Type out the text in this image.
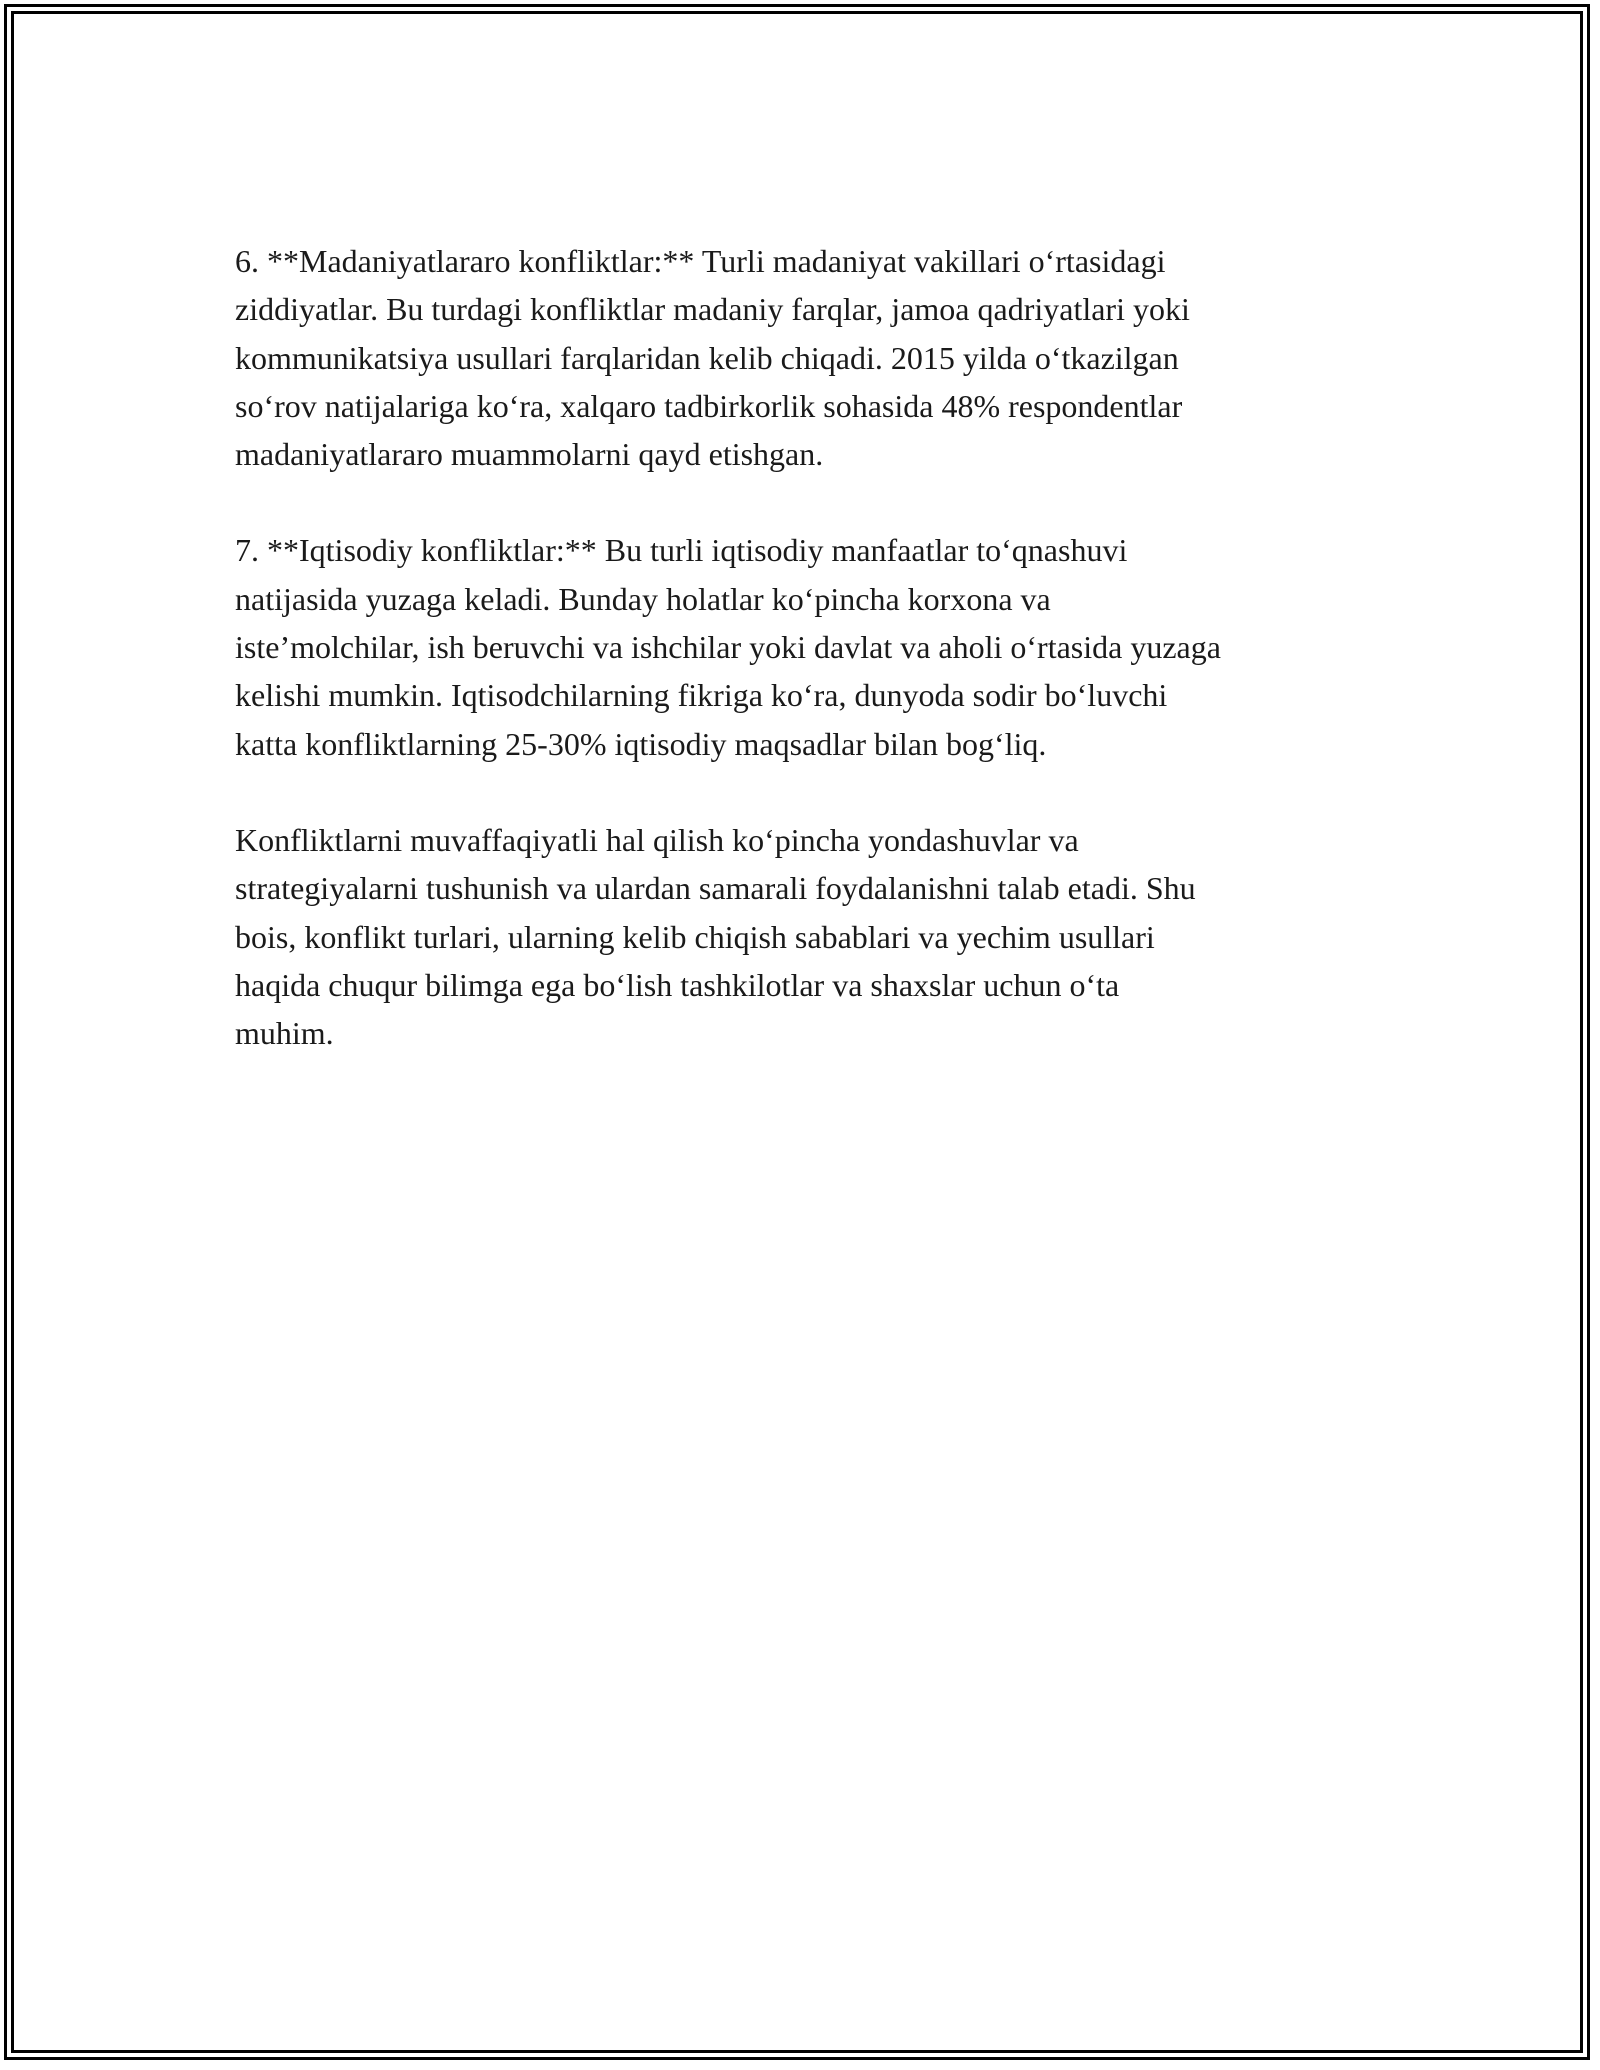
6. **Madaniyatlararo konfliktlar:** Turli madaniyat vakillari o‘rtasidagi
ziddiyatlar. Bu turdagi konfliktlar madaniy farqlar, jamoa qadriyatlari yoki
kommunikatsiya usullari farqlaridan kelib chiqadi. 2015 yilda o‘tkazilgan
so‘rov natijalariga ko‘ra, xalqaro tadbirkorlik sohasida 48% respondentlar
madaniyatlararo muammolarni qayd etishgan.

7. **Iqtisodiy konfliktlar:** Bu turli iqtisodiy manfaatlar to‘qnashuvi
natijasida yuzaga keladi. Bunday holatlar ko‘pincha korxona va
iste’molchilar, ish beruvchi va ishchilar yoki davlat va aholi o‘rtasida yuzaga
kelishi mumkin. Iqtisodchilarning fikriga ko‘ra, dunyoda sodir bo‘luvchi
katta konfliktlarning 25-30% iqtisodiy maqsadlar bilan bog‘liq.

Konfliktlarni muvaffaqiyatli hal qilish ko‘pincha yondashuvlar va
strategiyalarni tushunish va ulardan samarali foydalanishni talab etadi. Shu
bois, konflikt turlari, ularning kelib chiqish sabablari va yechim usullari
haqida chuqur bilimga ega bo‘lish tashkilotlar va shaxslar uchun o‘ta
muhim.
